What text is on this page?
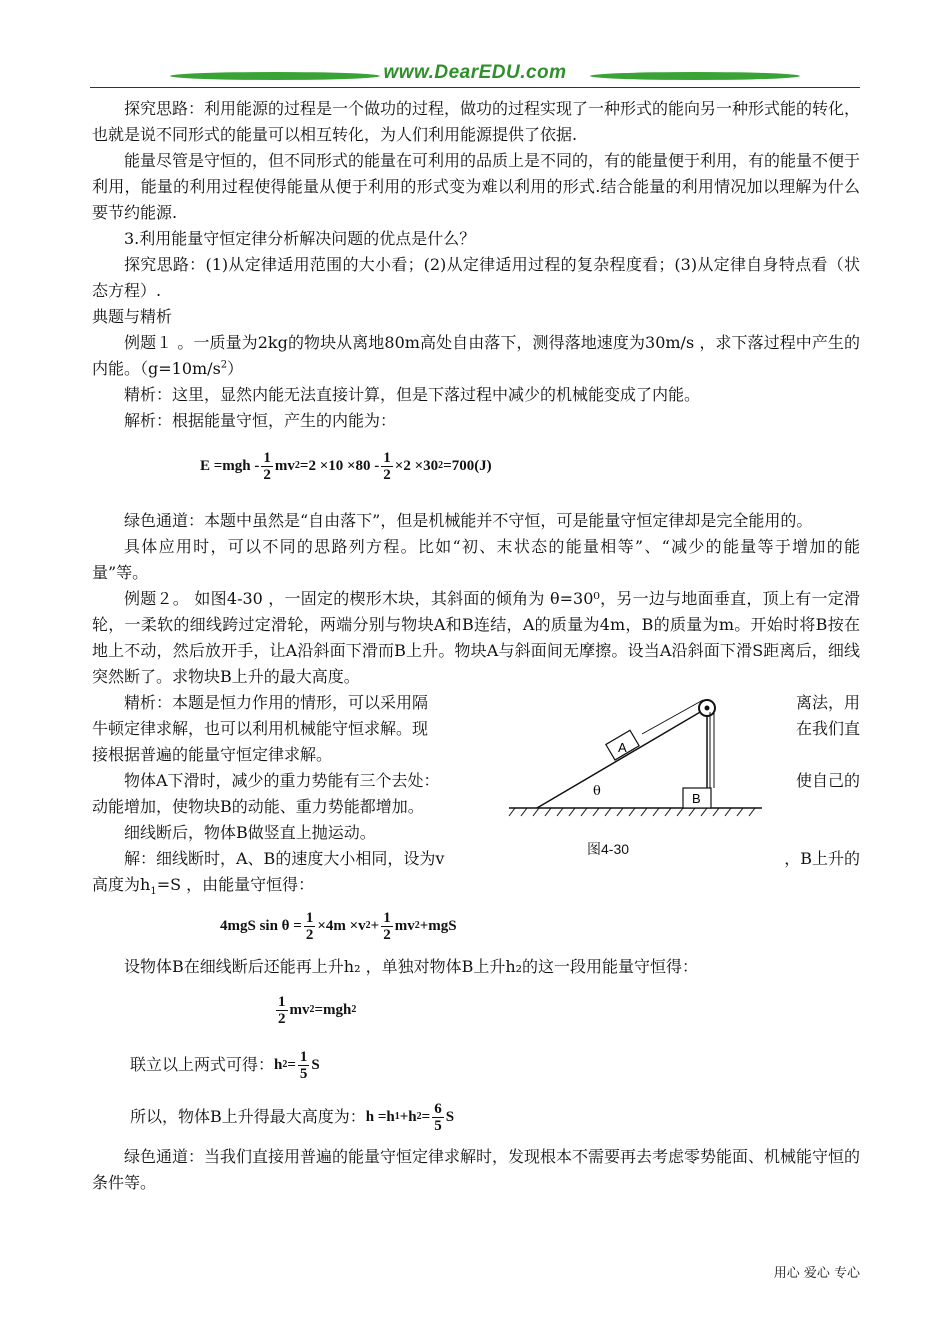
www.DearEDU.com

探究思路：利用能源的过程是一个做功的过程，做功的过程实现了一种形式的能向另一种形式能的转化，也就是说不同形式的能量可以相互转化，为人们利用能源提供了依据.

能量尽管是守恒的，但不同形式的能量在可利用的品质上是不同的，有的能量便于利用，有的能量不便于利用，能量的利用过程使得能量从便于利用的形式变为难以利用的形式.结合能量的利用情况加以理解为什么要节约能源.

3.利用能量守恒定律分析解决问题的优点是什么？

探究思路：(1)从定律适用范围的大小看；(2)从定律适用过程的复杂程度看；(3)从定律自身特点看（状态方程）.

典题与精析

例题１ 。一质量为2kg的物块从离地80m高处自由落下，测得落地速度为30m/s ，求下落过程中产生的内能。$(g=10m/s^2)$

精析：这里，显然内能无法直接计算，但是下落过程中减少的机械能变成了内能。

解析：根据能量守恒，产生的内能为：

$E =mgh - \frac{1}{2}$ mv $2 =2 \times 10 \times 80 - \frac{1}{2} \times 2 \times 30$ 2 =700(J)

绿色通道：本题中虽然是“自由落下”，但是机械能并不守恒，可是能量守恒定律却是完全能用的。

具体应用时，可以不同的思路列方程。比如“初、末状态的能量相等”、“减少的能量等于增加的能量”等。

例题２。 如图4-30 ，一固定的楔形木块，其斜面的倾角为 θ=30⁰，另一边与地面垂直，顶上有一定滑轮，一柔软的细线跨过定滑轮，两端分别与物块A和B连结，A的质量为4m，B的质量为m。开始时将B按在地上不动，然后放开手，让A沿斜面下滑而B上升。物块A与斜面间无摩擦。设当A沿斜面下滑S距离后，细线突然断了。求物块B上升的最大高度。

精析：本题是恒力作用的情形，可以采用隔
牛顿定律求解，也可以利用机械能守恒求解。现
接根据普遍的能量守恒定律求解。
物体A下滑时，减少的重力势能有三个去处：
动能增加，使物块B的动能、重力势能都增加。
细线断后，物体B做竖直上抛运动。
离法，用
在我们直
使自己的
A
B
θ
图4-30
解：细线断时，A、B的速度大小相同，设为v	，B上升的

高度为$h_1=S$ ，由能量守恒得：

4mgS $\sin \theta = \frac{1}{2} \times 4m \times v$ $2 + \frac{1}{2}$ mv 2 +mgS

设物体B在细线断后还能再上升h₂ ，单独对物体B上升h₂的这一段用能量守恒得：

$\frac{1}{2}$ mv 2 =mgh 2
联立以上两式可得： h $2 = \frac{1}{5}$ S
所以，物体B上升得最大高度为： h =h 1 +h $2 = \frac{6}{5}$ S

绿色通道：当我们直接用普遍的能量守恒定律求解时，发现根本不需要再去考虑零势能面、机械能守恒的条件等。

用心 爱心 专心
